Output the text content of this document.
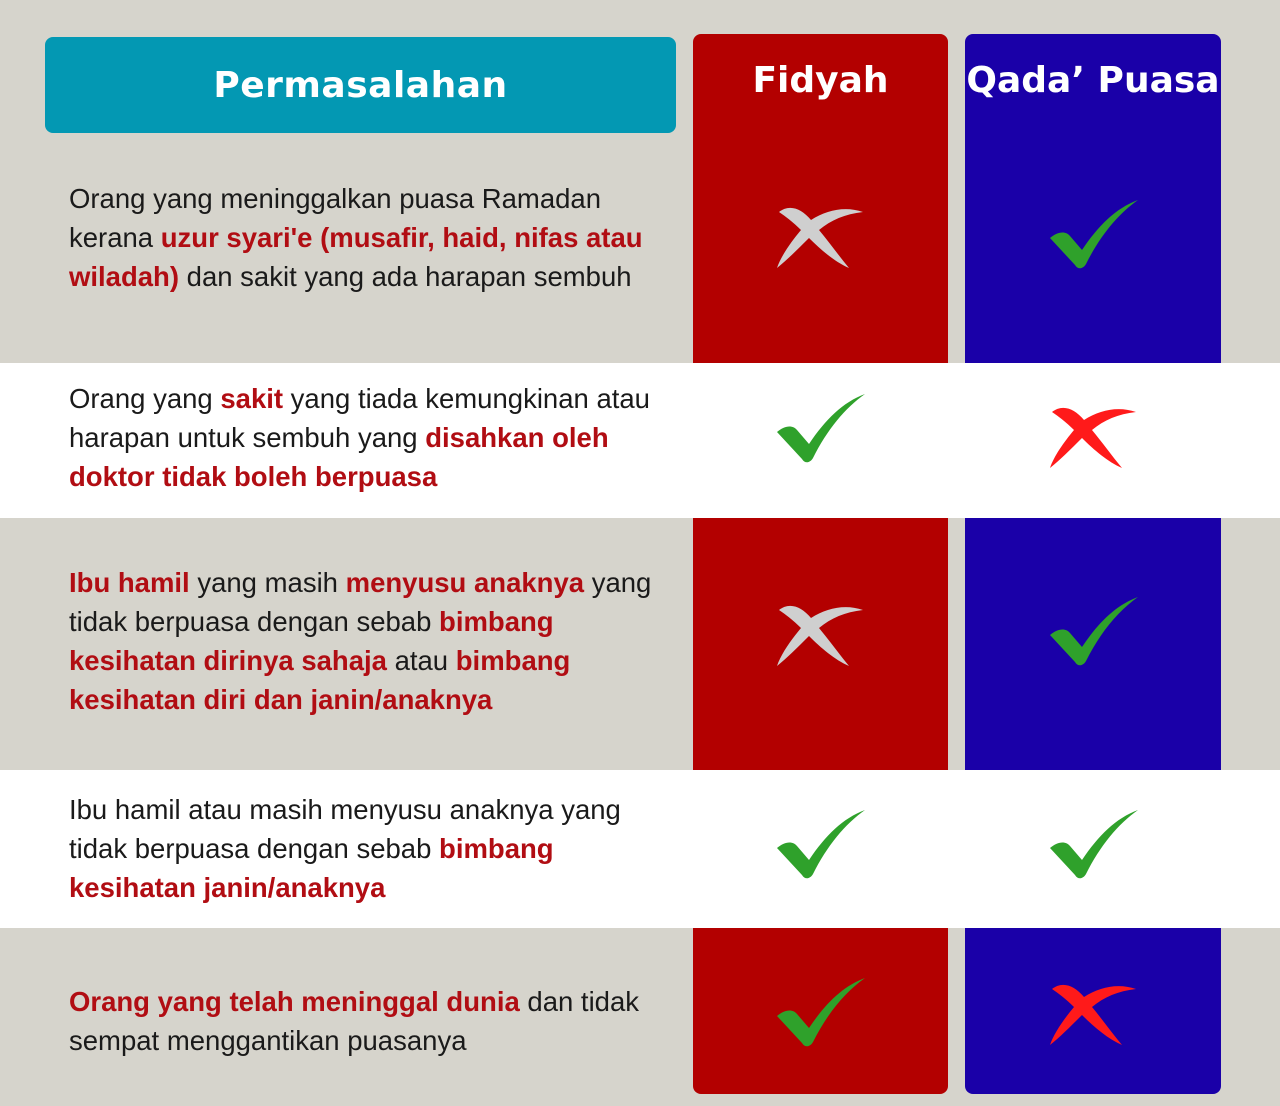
Permasalahan	Fidyah	Qada’ Puasa
Orang yang meninggalkan puasa Ramadan kerana uzur syari'e (musafir, haid, nifas atau wiladah) dan sakit yang ada harapan sembuh
Orang yang sakit yang tiada kemungkinan atau harapan untuk sembuh yang disahkan oleh doktor tidak boleh berpuasa
Ibu hamil yang masih menyusu anaknya yang tidak berpuasa dengan sebab bimbang kesihatan dirinya sahaja atau bimbang kesihatan diri dan janin/anaknya
Ibu hamil atau masih menyusu anaknya yang tidak berpuasa dengan sebab bimbang kesihatan janin/anaknya
Orang yang telah meninggal dunia dan tidak sempat menggantikan puasanya
